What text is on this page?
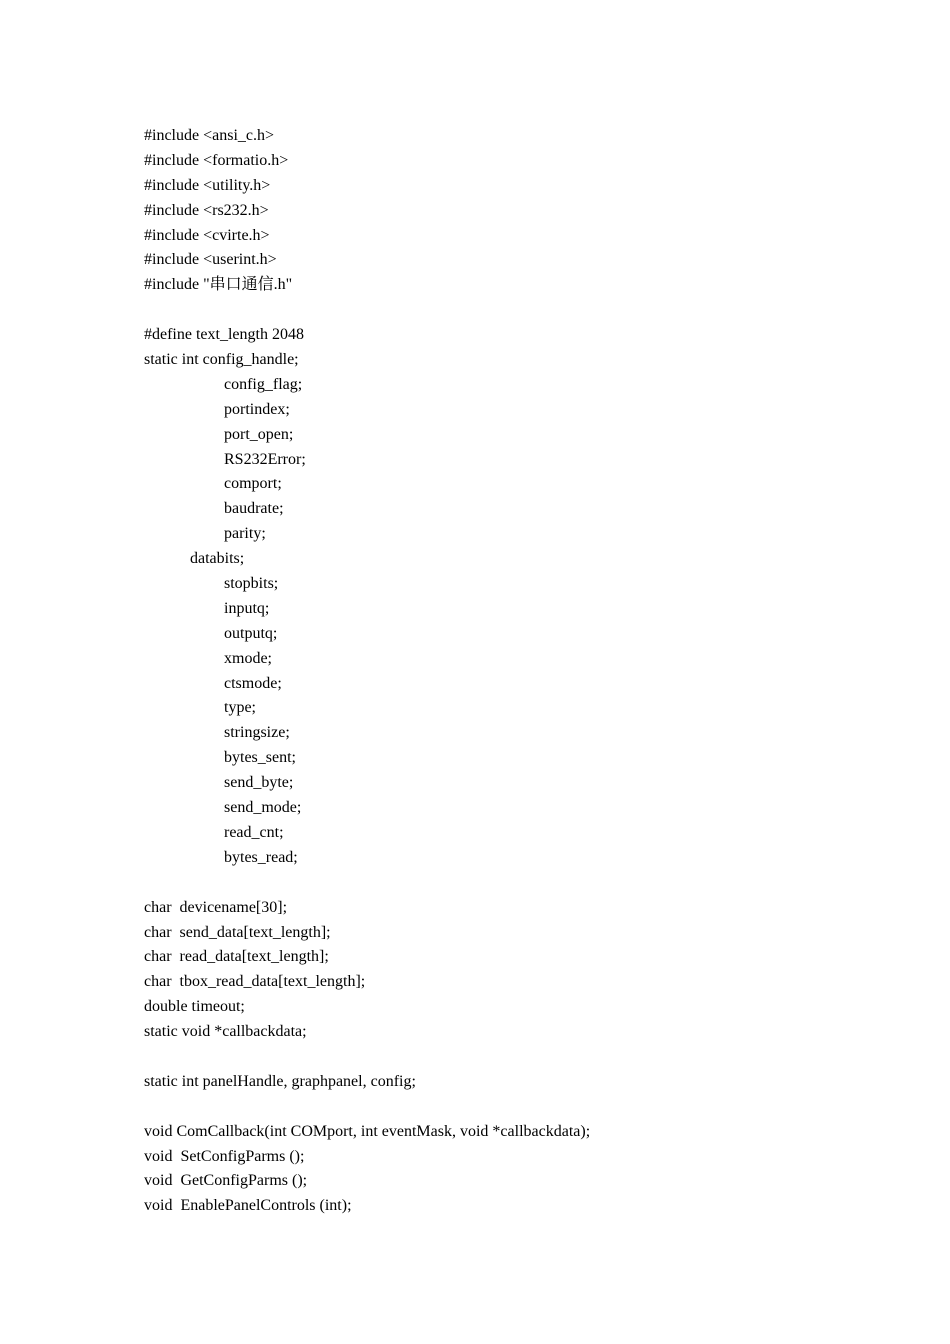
#include <ansi_c.h>
#include <formatio.h>
#include <utility.h>
#include <rs232.h>
#include <cvirte.h>
#include <userint.h>
#include "串口通信.h"
#define text_length 2048
static int config_handle;
config_flag;
portindex;
port_open;
RS232Error;
comport;
baudrate;
parity;
databits;
stopbits;
inputq;
outputq;
xmode;
ctsmode;
type;
stringsize;
bytes_sent;
send_byte;
send_mode;
read_cnt;
bytes_read;
char  devicename[30];
char  send_data[text_length];
char  read_data[text_length];
char  tbox_read_data[text_length];
double timeout;
static void *callbackdata;
static int panelHandle, graphpanel, config;
void ComCallback(int COMport, int eventMask, void *callbackdata);
void  SetConfigParms ();
void  GetConfigParms ();
void  EnablePanelControls (int);
